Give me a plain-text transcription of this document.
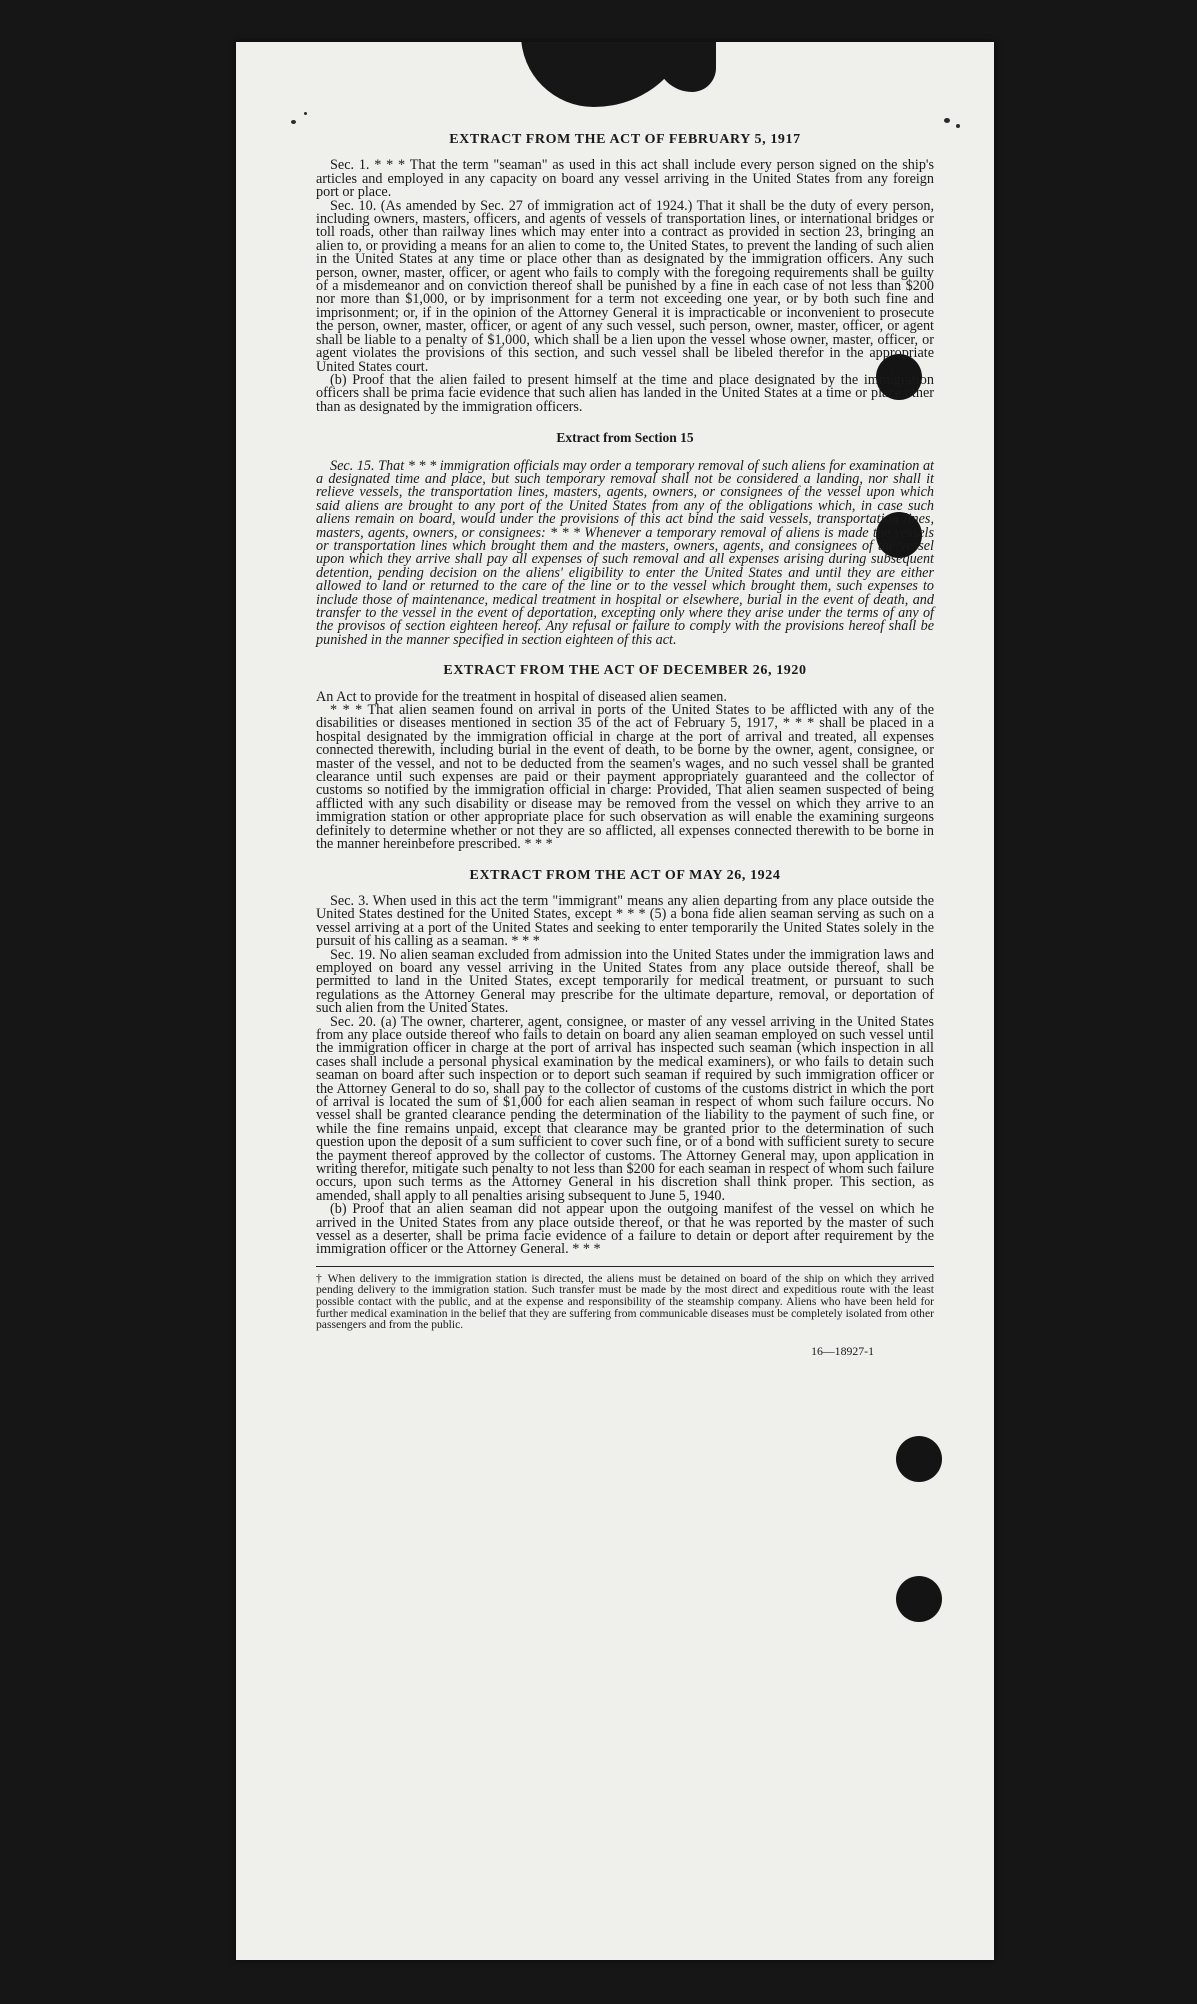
EXTRACT FROM THE ACT OF FEBRUARY 5, 1917

Sec. 1. * * * That the term "seaman" as used in this act shall include every person signed on the ship's articles and employed in any capacity on board any vessel arriving in the United States from any foreign port or place.

Sec. 10. (As amended by Sec. 27 of immigration act of 1924.) That it shall be the duty of every person, including owners, masters, officers, and agents of vessels of transportation lines, or international bridges or toll roads, other than railway lines which may enter into a contract as provided in section 23, bringing an alien to, or providing a means for an alien to come to, the United States, to prevent the landing of such alien in the United States at any time or place other than as designated by the immigration officers. Any such person, owner, master, officer, or agent who fails to comply with the foregoing requirements shall be guilty of a misdemeanor and on conviction thereof shall be punished by a fine in each case of not less than $200 nor more than $1,000, or by imprisonment for a term not exceeding one year, or by both such fine and imprisonment; or, if in the opinion of the Attorney General it is impracticable or inconvenient to prosecute the person, owner, master, officer, or agent of any such vessel, such person, owner, master, officer, or agent shall be liable to a penalty of $1,000, which shall be a lien upon the vessel whose owner, master, officer, or agent violates the provisions of this section, and such vessel shall be libeled therefor in the appropriate United States court.

(b) Proof that the alien failed to present himself at the time and place designated by the immigration officers shall be prima facie evidence that such alien has landed in the United States at a time or place other than as designated by the immigration officers.

Extract from Section 15

Sec. 15. That * * * immigration officials may order a temporary removal of such aliens for examination at a designated time and place, but such temporary removal shall not be considered a landing, nor shall it relieve vessels, the transportation lines, masters, agents, owners, or consignees of the vessel upon which said aliens are brought to any port of the United States from any of the obligations which, in case such aliens remain on board, would under the provisions of this act bind the said vessels, transportation lines, masters, agents, owners, or consignees: * * * Whenever a temporary removal of aliens is made the vessels or transportation lines which brought them and the masters, owners, agents, and consignees of the vessel upon which they arrive shall pay all expenses of such removal and all expenses arising during subsequent detention, pending decision on the aliens' eligibility to enter the United States and until they are either allowed to land or returned to the care of the line or to the vessel which brought them, such expenses to include those of maintenance, medical treatment in hospital or elsewhere, burial in the event of death, and transfer to the vessel in the event of deportation, excepting only where they arise under the terms of any of the provisos of section eighteen hereof. Any refusal or failure to comply with the provisions hereof shall be punished in the manner specified in section eighteen of this act.

EXTRACT FROM THE ACT OF DECEMBER 26, 1920

An Act to provide for the treatment in hospital of diseased alien seamen.

* * * That alien seamen found on arrival in ports of the United States to be afflicted with any of the disabilities or diseases mentioned in section 35 of the act of February 5, 1917, * * * shall be placed in a hospital designated by the immigration official in charge at the port of arrival and treated, all expenses connected therewith, including burial in the event of death, to be borne by the owner, agent, consignee, or master of the vessel, and not to be deducted from the seamen's wages, and no such vessel shall be granted clearance until such expenses are paid or their payment appropriately guaranteed and the collector of customs so notified by the immigration official in charge: Provided, That alien seamen suspected of being afflicted with any such disability or disease may be removed from the vessel on which they arrive to an immigration station or other appropriate place for such observation as will enable the examining surgeons definitely to determine whether or not they are so afflicted, all expenses connected therewith to be borne in the manner hereinbefore prescribed. * * *

EXTRACT FROM THE ACT OF MAY 26, 1924

Sec. 3. When used in this act the term "immigrant" means any alien departing from any place outside the United States destined for the United States, except * * * (5) a bona fide alien seaman serving as such on a vessel arriving at a port of the United States and seeking to enter temporarily the United States solely in the pursuit of his calling as a seaman. * * *

Sec. 19. No alien seaman excluded from admission into the United States under the immigration laws and employed on board any vessel arriving in the United States from any place outside thereof, shall be permitted to land in the United States, except temporarily for medical treatment, or pursuant to such regulations as the Attorney General may prescribe for the ultimate departure, removal, or deportation of such alien from the United States.

Sec. 20. (a) The owner, charterer, agent, consignee, or master of any vessel arriving in the United States from any place outside thereof who fails to detain on board any alien seaman employed on such vessel until the immigration officer in charge at the port of arrival has inspected such seaman (which inspection in all cases shall include a personal physical examination by the medical examiners), or who fails to detain such seaman on board after such inspection or to deport such seaman if required by such immigration officer or the Attorney General to do so, shall pay to the collector of customs of the customs district in which the port of arrival is located the sum of $1,000 for each alien seaman in respect of whom such failure occurs. No vessel shall be granted clearance pending the determination of the liability to the payment of such fine, or while the fine remains unpaid, except that clearance may be granted prior to the determination of such question upon the deposit of a sum sufficient to cover such fine, or of a bond with sufficient surety to secure the payment thereof approved by the collector of customs. The Attorney General may, upon application in writing therefor, mitigate such penalty to not less than $200 for each seaman in respect of whom such failure occurs, upon such terms as the Attorney General in his discretion shall think proper. This section, as amended, shall apply to all penalties arising subsequent to June 5, 1940.

(b) Proof that an alien seaman did not appear upon the outgoing manifest of the vessel on which he arrived in the United States from any place outside thereof, or that he was reported by the master of such vessel as a deserter, shall be prima facie evidence of a failure to detain or deport after requirement by the immigration officer or the Attorney General. * * *

† When delivery to the immigration station is directed, the aliens must be detained on board of the ship on which they arrived pending delivery to the immigration station. Such transfer must be made by the most direct and expeditious route with the least possible contact with the public, and at the expense and responsibility of the steamship company. Aliens who have been held for further medical examination in the belief that they are suffering from communicable diseases must be completely isolated from other passengers and from the public.

16—18927-1
